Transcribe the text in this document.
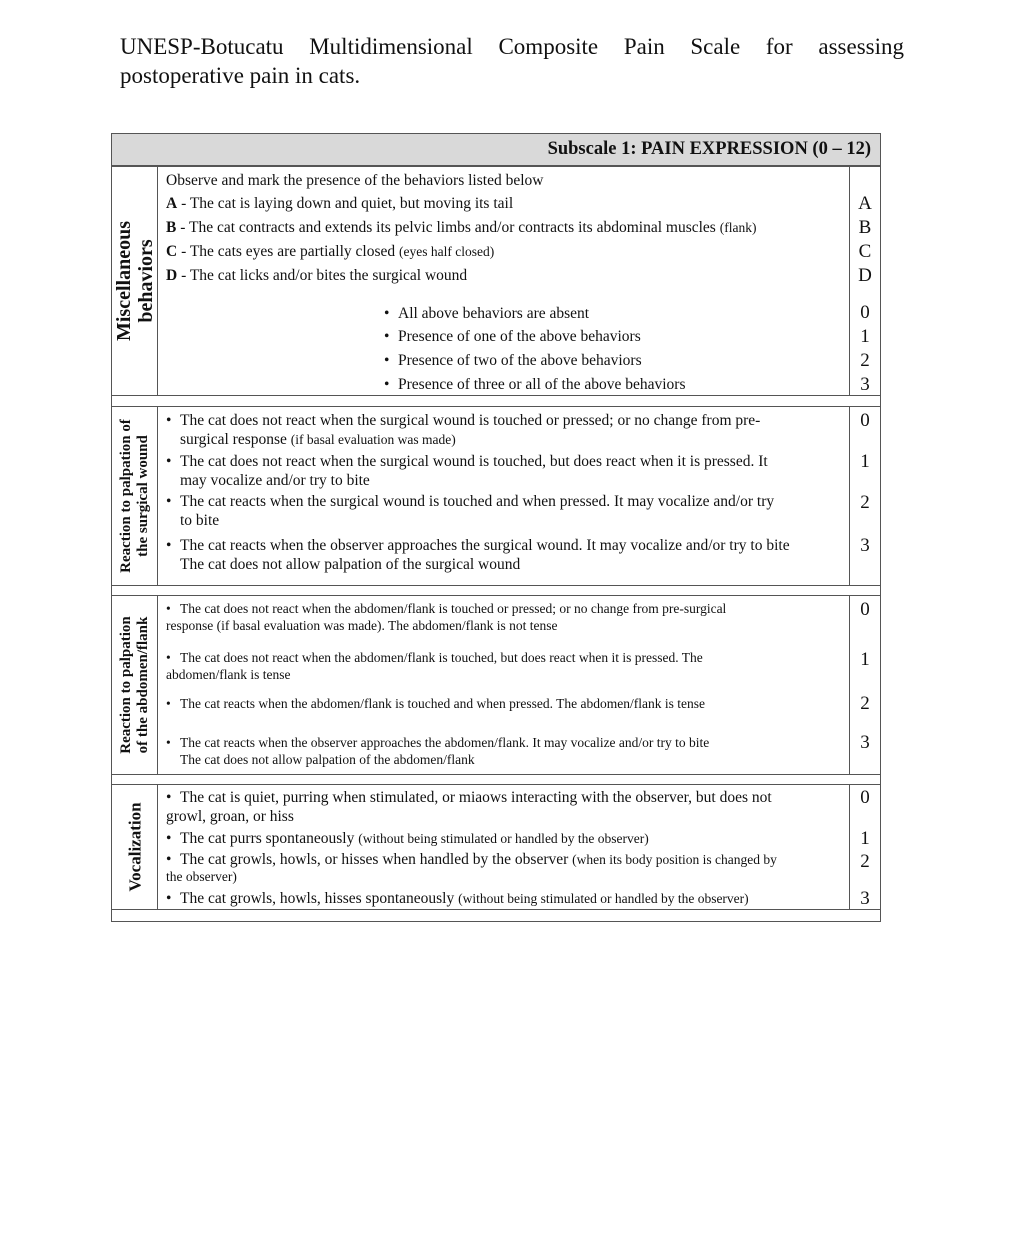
UNESP-Botucatu Multidimensional Composite Pain Scale for assessing
postoperative pain in cats.
Subscale 1: PAIN EXPRESSION (0 – 12)
Miscellaneous behaviors
Observe and mark the presence of the behaviors listed below
A - The cat is laying down and quiet, but moving its tail
B - The cat contracts and extends its pelvic limbs and/or contracts its abdominal muscles (flank)
C - The cats eyes are partially closed (eyes half closed)
D - The cat licks and/or bites the surgical wound
• All above behaviors are absent
• Presence of one of the above behaviors
• Presence of two of the above behaviors
• Presence of three or all of the above behaviors
A
B
C
D
0
1
2
3
Reaction to palpation of the surgical wound
• The cat does not react when the surgical wound is touched or pressed; or no change from pre-
surgical response (if basal evaluation was made)
• The cat does not react when the surgical wound is touched, but does react when it is pressed. It
may vocalize and/or try to bite
• The cat reacts when the surgical wound is touched and when pressed. It may vocalize and/or try
to bite
• The cat reacts when the observer approaches the surgical wound. It may vocalize and/or try to bite
The cat does not allow palpation of the surgical wound
0
1
2
3
Reaction to palpation of the abdomen/flank
• The cat does not react when the abdomen/flank is touched or pressed; or no change from pre-surgical
response (if basal evaluation was made). The abdomen/flank is not tense
• The cat does not react when the abdomen/flank is touched, but does react when it is pressed. The
abdomen/flank is tense
• The cat reacts when the abdomen/flank is touched and when pressed. The abdomen/flank is tense
• The cat reacts when the observer approaches the abdomen/flank. It may vocalize and/or try to bite
The cat does not allow palpation of the abdomen/flank
0
1
2
3
Vocalization
• The cat is quiet, purring when stimulated, or miaows interacting with the observer, but does not
growl, groan, or hiss
• The cat purrs spontaneously (without being stimulated or handled by the observer)
• The cat growls, howls, or hisses when handled by the observer (when its body position is changed by
the observer)
• The cat growls, howls, hisses spontaneously (without being stimulated or handled by the observer)
0
1
2
3
